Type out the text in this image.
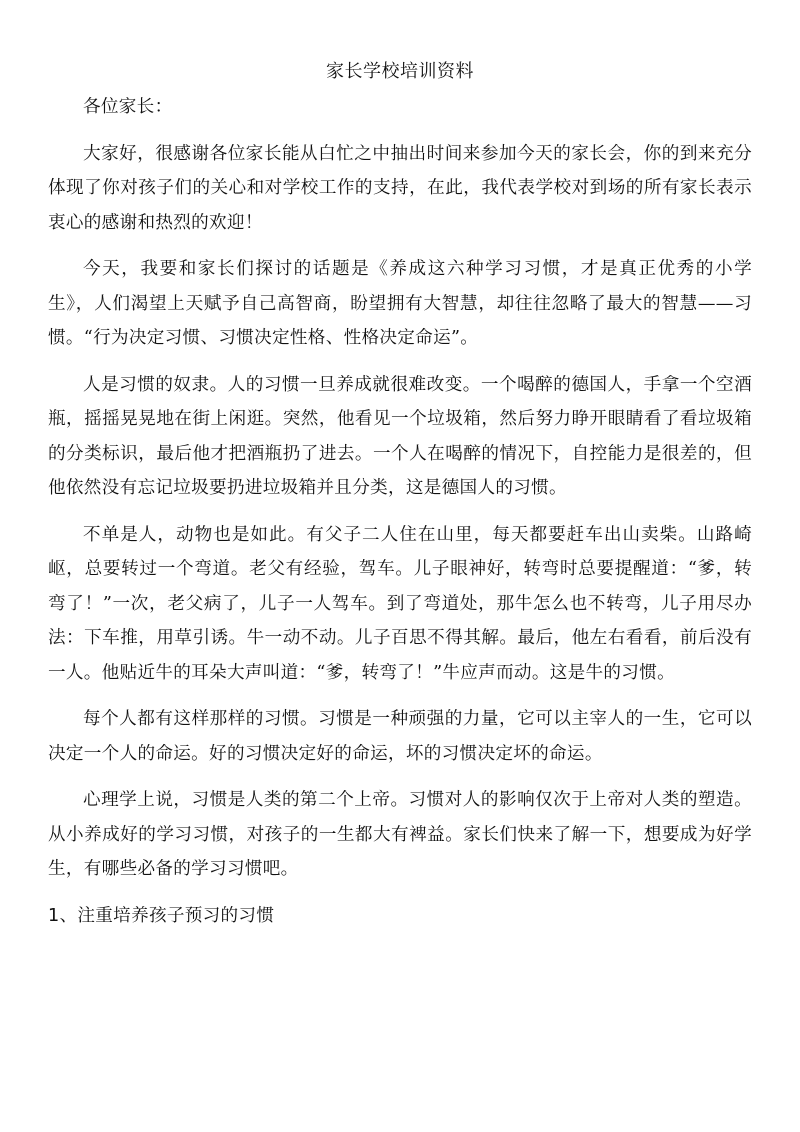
家长学校培训资料

各位家长：

大家好，很感谢各位家长能从白忙之中抽出时间来参加今天的家长会，你的到来充分体现了你对孩子们的关心和对学校工作的支持，在此，我代表学校对到场的所有家长表示衷心的感谢和热烈的欢迎！

今天，我要和家长们探讨的话题是《养成这六种学习习惯，才是真正优秀的小学生》，人们渴望上天赋予自己高智商，盼望拥有大智慧，却往往忽略了最大的智慧——习惯。“行为决定习惯、习惯决定性格、性格决定命运”。

人是习惯的奴隶。人的习惯一旦养成就很难改变。一个喝醉的德国人，手拿一个空酒瓶，摇摇晃晃地在街上闲逛。突然，他看见一个垃圾箱，然后努力睁开眼睛看了看垃圾箱的分类标识，最后他才把酒瓶扔了进去。一个人在喝醉的情况下，自控能力是很差的，但他依然没有忘记垃圾要扔进垃圾箱并且分类，这是德国人的习惯。

不单是人，动物也是如此。有父子二人住在山里，每天都要赶车出山卖柴。山路崎岖，总要转过一个弯道。老父有经验，驾车。儿子眼神好，转弯时总要提醒道：“爹，转弯了！”一次，老父病了，儿子一人驾车。到了弯道处，那牛怎么也不转弯，儿子用尽办法：下车推，用草引诱。牛一动不动。儿子百思不得其解。最后，他左右看看，前后没有一人。他贴近牛的耳朵大声叫道：“爹，转弯了！”牛应声而动。这是牛的习惯。

每个人都有这样那样的习惯。习惯是一种顽强的力量，它可以主宰人的一生，它可以决定一个人的命运。好的习惯决定好的命运，坏的习惯决定坏的命运。

心理学上说，习惯是人类的第二个上帝。习惯对人的影响仅次于上帝对人类的塑造。从小养成好的学习习惯，对孩子的一生都大有裨益。家长们快来了解一下，想要成为好学生，有哪些必备的学习习惯吧。

1、注重培养孩子预习的习惯
